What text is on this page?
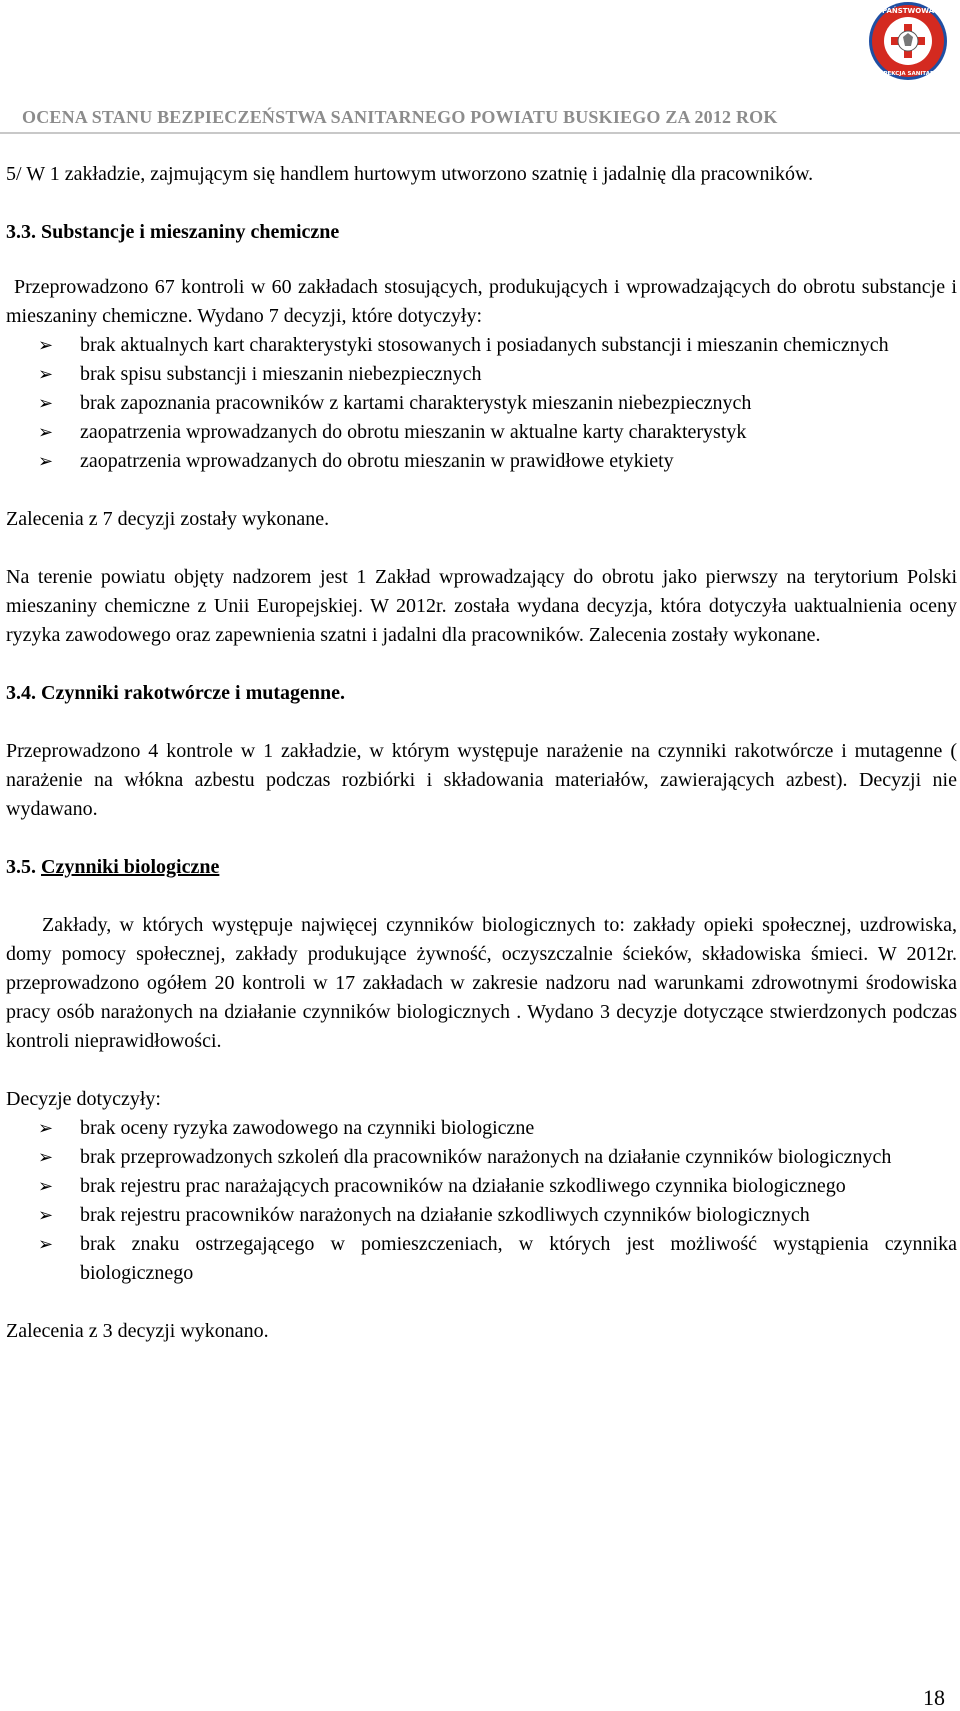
OCENA STANU BEZPIECZEŃSTWA SANITARNEGO POWIATU BUSKIEGO ZA 2012 ROK
PAŃSTWOWA
INSPEKCJA SANITARNA

5/ W 1 zakładzie, zajmującym się handlem hurtowym utworzono szatnię i jadalnię dla pracowników.

3.3. Substancje i mieszaniny chemiczne

Przeprowadzono 67 kontroli w 60 zakładach stosujących, produkujących i wprowadzających do obrotu substancje i mieszaniny chemiczne. Wydano 7 decyzji, które dotyczyły:

➢ brak aktualnych kart charakterystyki stosowanych i posiadanych substancji i mieszanin chemicznych
➢ brak spisu substancji i mieszanin niebezpiecznych
➢ brak zapoznania pracowników z kartami charakterystyk mieszanin niebezpiecznych
➢ zaopatrzenia wprowadzanych do obrotu mieszanin w aktualne karty charakterystyk
➢ zaopatrzenia wprowadzanych do obrotu mieszanin w prawidłowe etykiety

Zalecenia z 7 decyzji zostały wykonane.

Na terenie powiatu objęty nadzorem jest 1 Zakład wprowadzający do obrotu jako pierwszy na terytorium Polski mieszaniny chemiczne z Unii Europejskiej. W 2012r. została wydana decyzja, która dotyczyła uaktualnienia oceny ryzyka zawodowego oraz zapewnienia szatni i jadalni dla pracowników. Zalecenia zostały wykonane.

3.4. Czynniki rakotwórcze i mutagenne.

Przeprowadzono 4 kontrole w 1 zakładzie, w którym występuje narażenie na czynniki rakotwórcze i mutagenne ( narażenie na włókna azbestu podczas rozbiórki i składowania materiałów, zawierających azbest). Decyzji nie wydawano.

3.5. Czynniki biologiczne

Zakłady, w których występuje najwięcej czynników biologicznych to: zakłady opieki społecznej, uzdrowiska, domy pomocy społecznej, zakłady produkujące żywność, oczyszczalnie ścieków, składowiska śmieci. W 2012r. przeprowadzono ogółem 20 kontroli w 17 zakładach w zakresie nadzoru nad warunkami zdrowotnymi środowiska pracy osób narażonych na działanie czynników biologicznych . Wydano 3 decyzje dotyczące stwierdzonych podczas kontroli nieprawidłowości.

Decyzje dotyczyły:

➢ brak oceny ryzyka zawodowego na czynniki biologiczne
➢ brak przeprowadzonych szkoleń dla pracowników narażonych na działanie czynników biologicznych
➢ brak rejestru prac narażających pracowników na działanie szkodliwego czynnika biologicznego
➢ brak rejestru pracowników narażonych na działanie szkodliwych czynników biologicznych
➢ brak znaku ostrzegającego w pomieszczeniach, w których jest możliwość wystąpienia czynnika biologicznego

Zalecenia z 3 decyzji wykonano.

18
